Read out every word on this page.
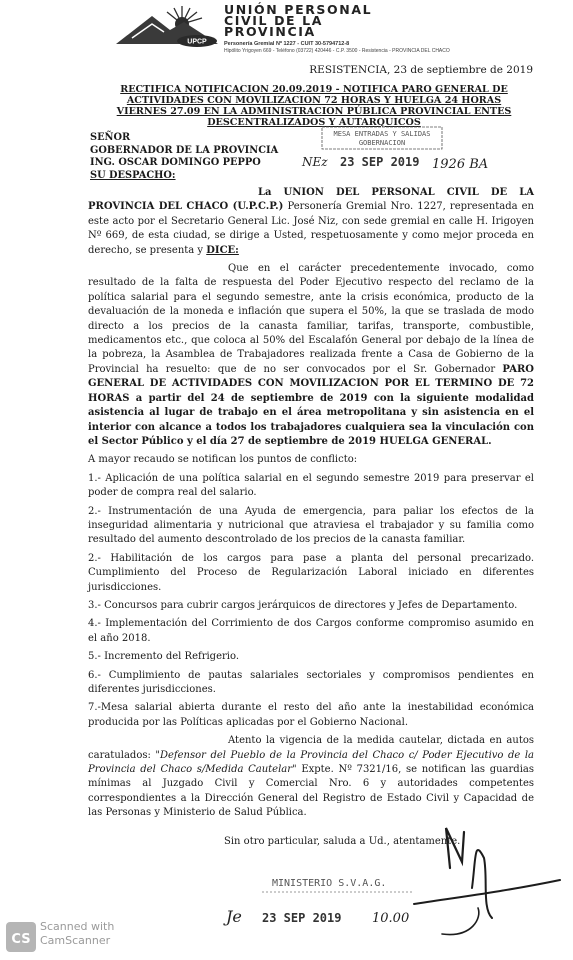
UPCP
UNIÓN PERSONAL
CIVIL DE LA
PROVINCIA
Personería Gremial Nº 1227 - CUIT 30-5794712-8
Hipólito Yrigoyen 669 - Teléfono (03722) 420446 - C.P. 3500 - Resistencia - PROVINCIA DEL CHACO
RESISTENCIA, 23 de septiembre de 2019
RECTIFICA NOTIFICACION 20.09.2019 - NOTIFICA PARO GENERAL DE ACTIVIDADES CON MOVILIZACION 72 HORAS Y HUELGA 24 HORAS VIERNES 27.09 EN LA ADMINISTRACION PÚBLICA PROVINCIAL ENTES DESCENTRALIZADOS Y AUTARQUICOS
SEÑOR
GOBERNADOR DE LA PROVINCIA
ING. OSCAR DOMINGO PEPPO
SU DESPACHO:
MESA ENTRADAS Y SALIDAS
GOBERNACION
NEz 23 SEP 2019 1926 BA

La UNION DEL PERSONAL CIVIL DE LA PROVINCIA DEL CHACO (U.P.C.P.) Personería Gremial Nro. 1227, representada en este acto por el Secretario General Lic. José Niz, con sede gremial en calle H. Irigoyen Nº 669, de esta ciudad, se dirige a Usted, respetuosamente y como mejor proceda en derecho, se presenta y DICE:

Que en el carácter precedentemente invocado, como resultado de la falta de respuesta del Poder Ejecutivo respecto del reclamo de la política salarial para el segundo semestre, ante la crisis económica, producto de la devaluación de la moneda e inflación que supera el 50%, la que se traslada de modo directo a los precios de la canasta familiar, tarifas, transporte, combustible, medicamentos etc., que coloca al 50% del Escalafón General por debajo de la línea de la pobreza, la Asamblea de Trabajadores realizada frente a Casa de Gobierno de la Provincial ha resuelto: que de no ser convocados por el Sr. Gobernador PARO GENERAL DE ACTIVIDADES CON MOVILIZACION POR EL TERMINO DE 72 HORAS a partir del 24 de septiembre de 2019 con la siguiente modalidad asistencia al lugar de trabajo en el área metropolitana y sin asistencia en el interior con alcance a todos los trabajadores cualquiera sea la vinculación con el Sector Público y el día 27 de septiembre de 2019 HUELGA GENERAL.

A mayor recaudo se notifican los puntos de conflicto:

1.- Aplicación de una política salarial en el segundo semestre 2019 para preservar el poder de compra real del salario.

2.- Instrumentación de una Ayuda de emergencia, para paliar los efectos de la inseguridad alimentaria y nutricional que atraviesa el trabajador y su familia como resultado del aumento descontrolado de los precios de la canasta familiar.

2.- Habilitación de los cargos para pase a planta del personal precarizado. Cumplimiento del Proceso de Regularización Laboral iniciado en diferentes jurisdicciones.

3.- Concursos para cubrir cargos jerárquicos de directores y Jefes de Departamento.

4.- Implementación del Corrimiento de dos Cargos conforme compromiso asumido en el año 2018.

5.- Incremento del Refrigerio.

6.- Cumplimiento de pautas salariales sectoriales y compromisos pendientes en diferentes jurisdicciones.

7.-Mesa salarial abierta durante el resto del año ante la inestabilidad económica producida por las Políticas aplicadas por el Gobierno Nacional.

Atento la vigencia de la medida cautelar, dictada en autos caratulados: "Defensor del Pueblo de la Provincia del Chaco c/ Poder Ejecutivo de la Provincia del Chaco s/Medida Cautelar" Expte. Nº 7321/16, se notifican las guardias mínimas al Juzgado Civil y Comercial Nro. 6 y autoridades competentes correspondientes a la Dirección General del Registro de Estado Civil y Capacidad de las Personas y Ministerio de Salud Pública.

Sin otro particular, saluda a Ud., atentamente.
MINISTERIO S.V.A.G.
Je 23 SEP 2019 10.00
CS
Scanned with
CamScanner
